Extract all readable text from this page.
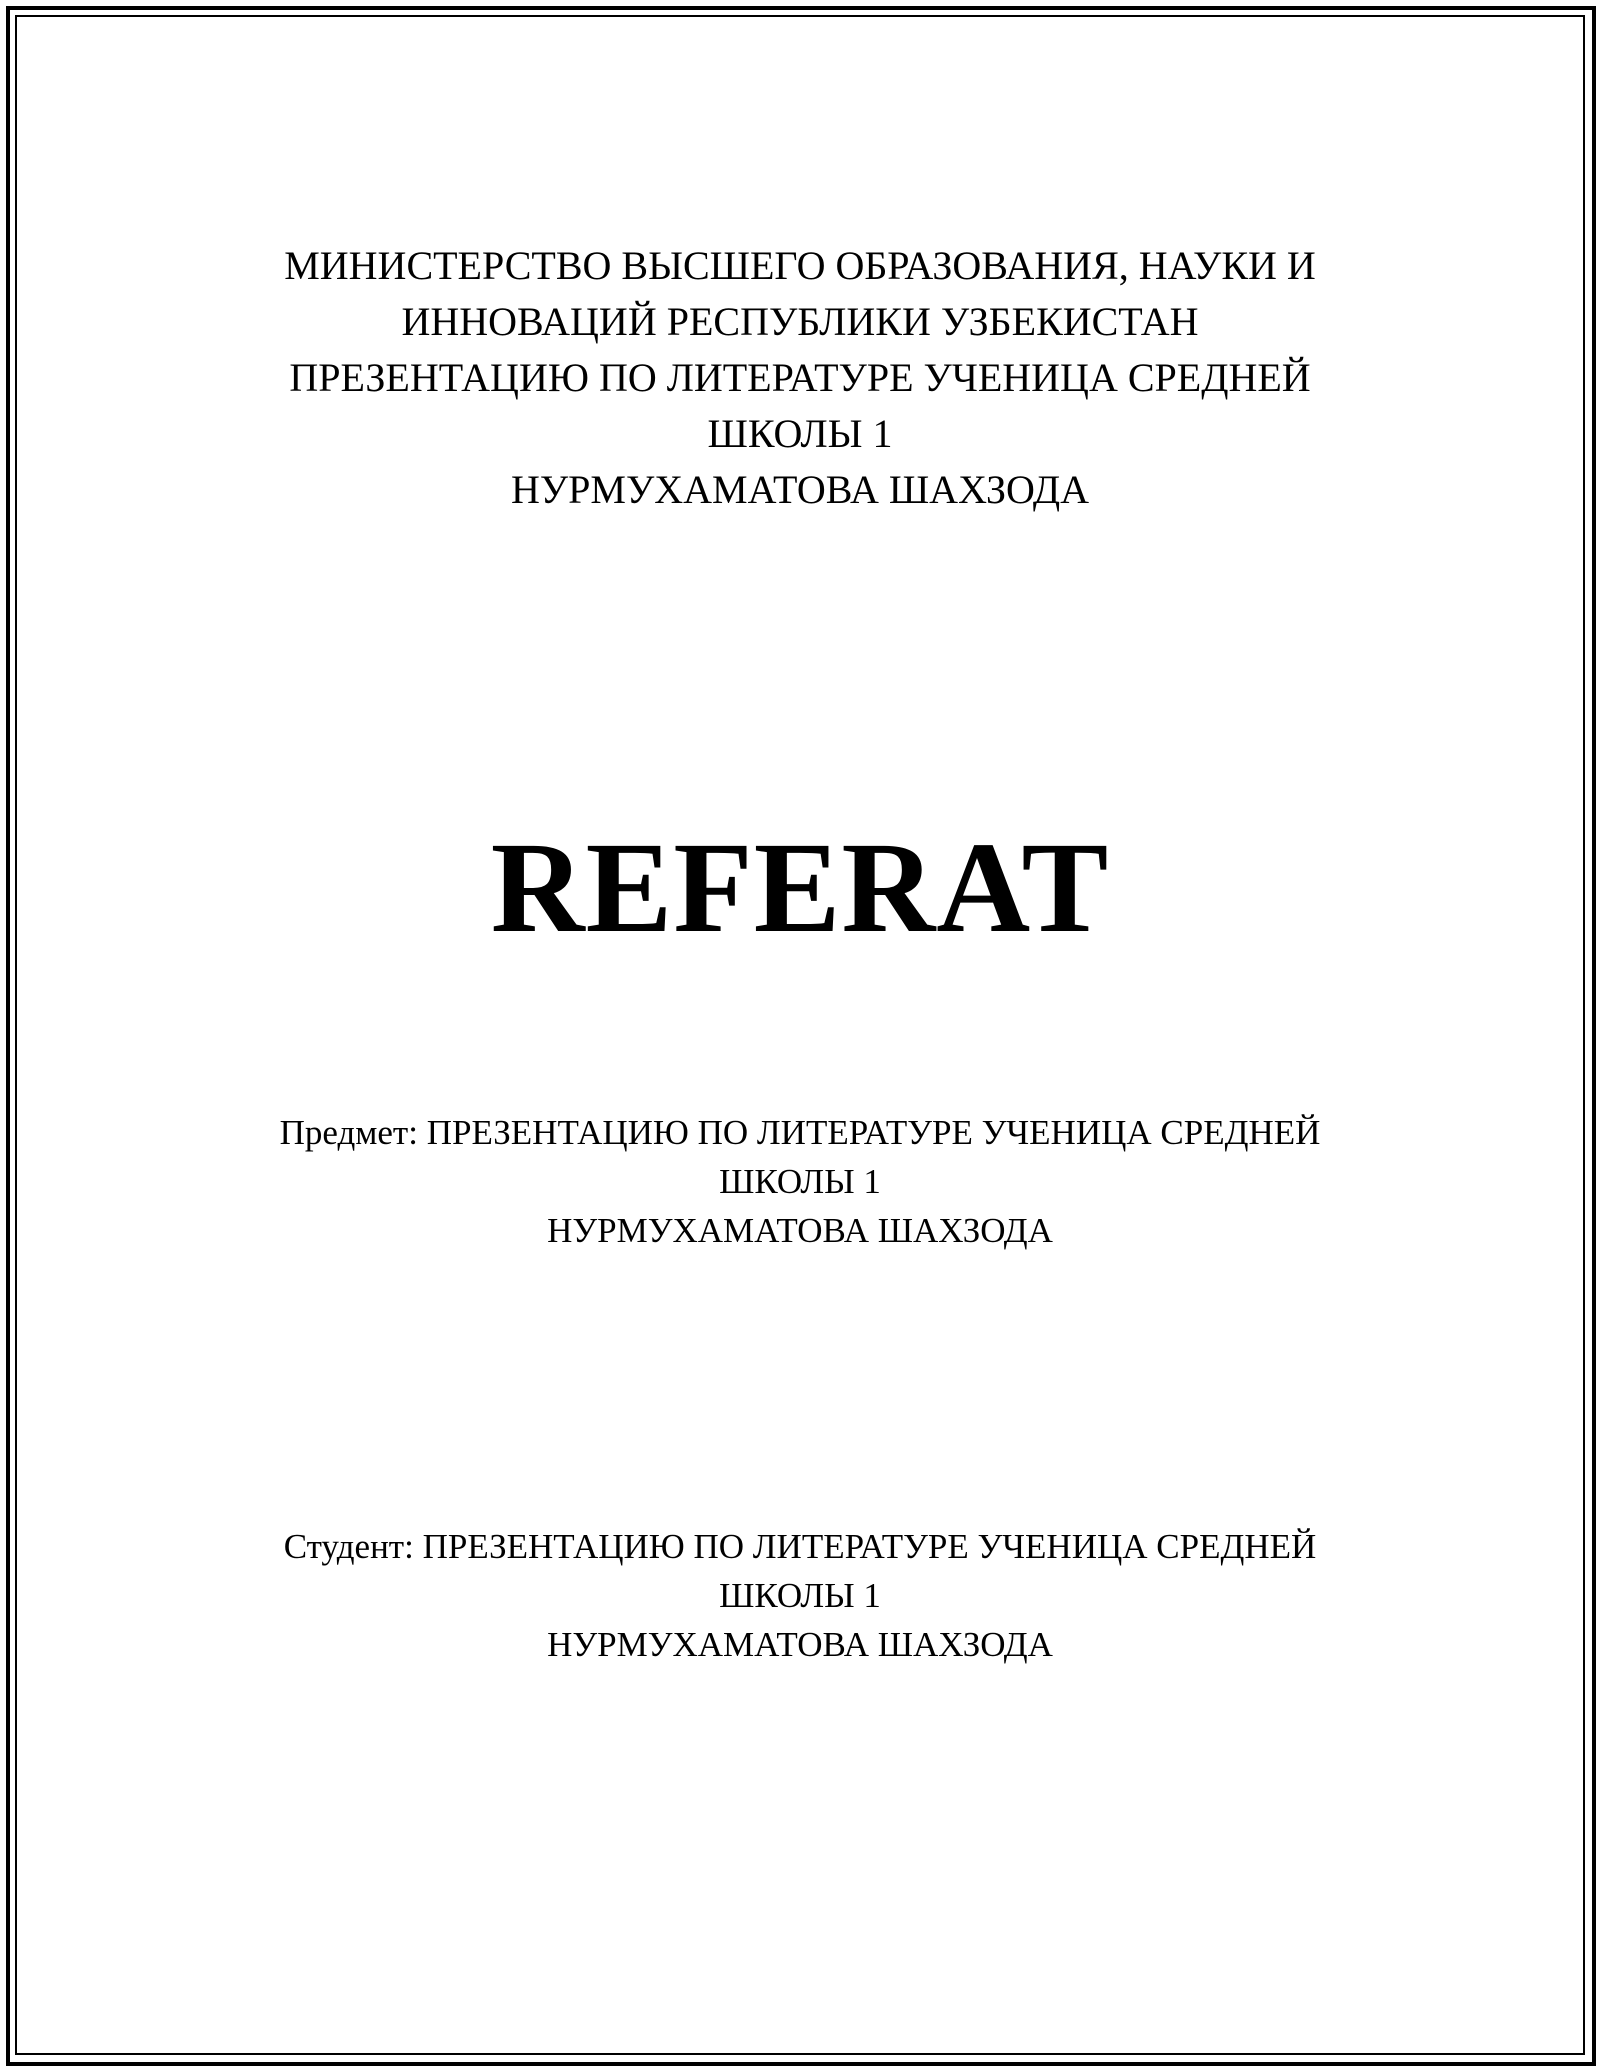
МИНИСТЕРСТВО ВЫСШЕГО ОБРАЗОВАНИЯ, НАУКИ И
ИННОВАЦИЙ РЕСПУБЛИКИ УЗБЕКИСТАН
ПРЕЗЕНТАЦИЮ ПО ЛИТЕРАТУРЕ УЧЕНИЦА СРЕДНЕЙ
ШКОЛЫ 1
НУРМУХАМАТОВА ШАХЗОДА
REFERAT
Предмет: ПРЕЗЕНТАЦИЮ ПО ЛИТЕРАТУРЕ УЧЕНИЦА СРЕДНЕЙ
ШКОЛЫ 1
НУРМУХАМАТОВА ШАХЗОДА
Студент: ПРЕЗЕНТАЦИЮ ПО ЛИТЕРАТУРЕ УЧЕНИЦА СРЕДНЕЙ
ШКОЛЫ 1
НУРМУХАМАТОВА ШАХЗОДА
